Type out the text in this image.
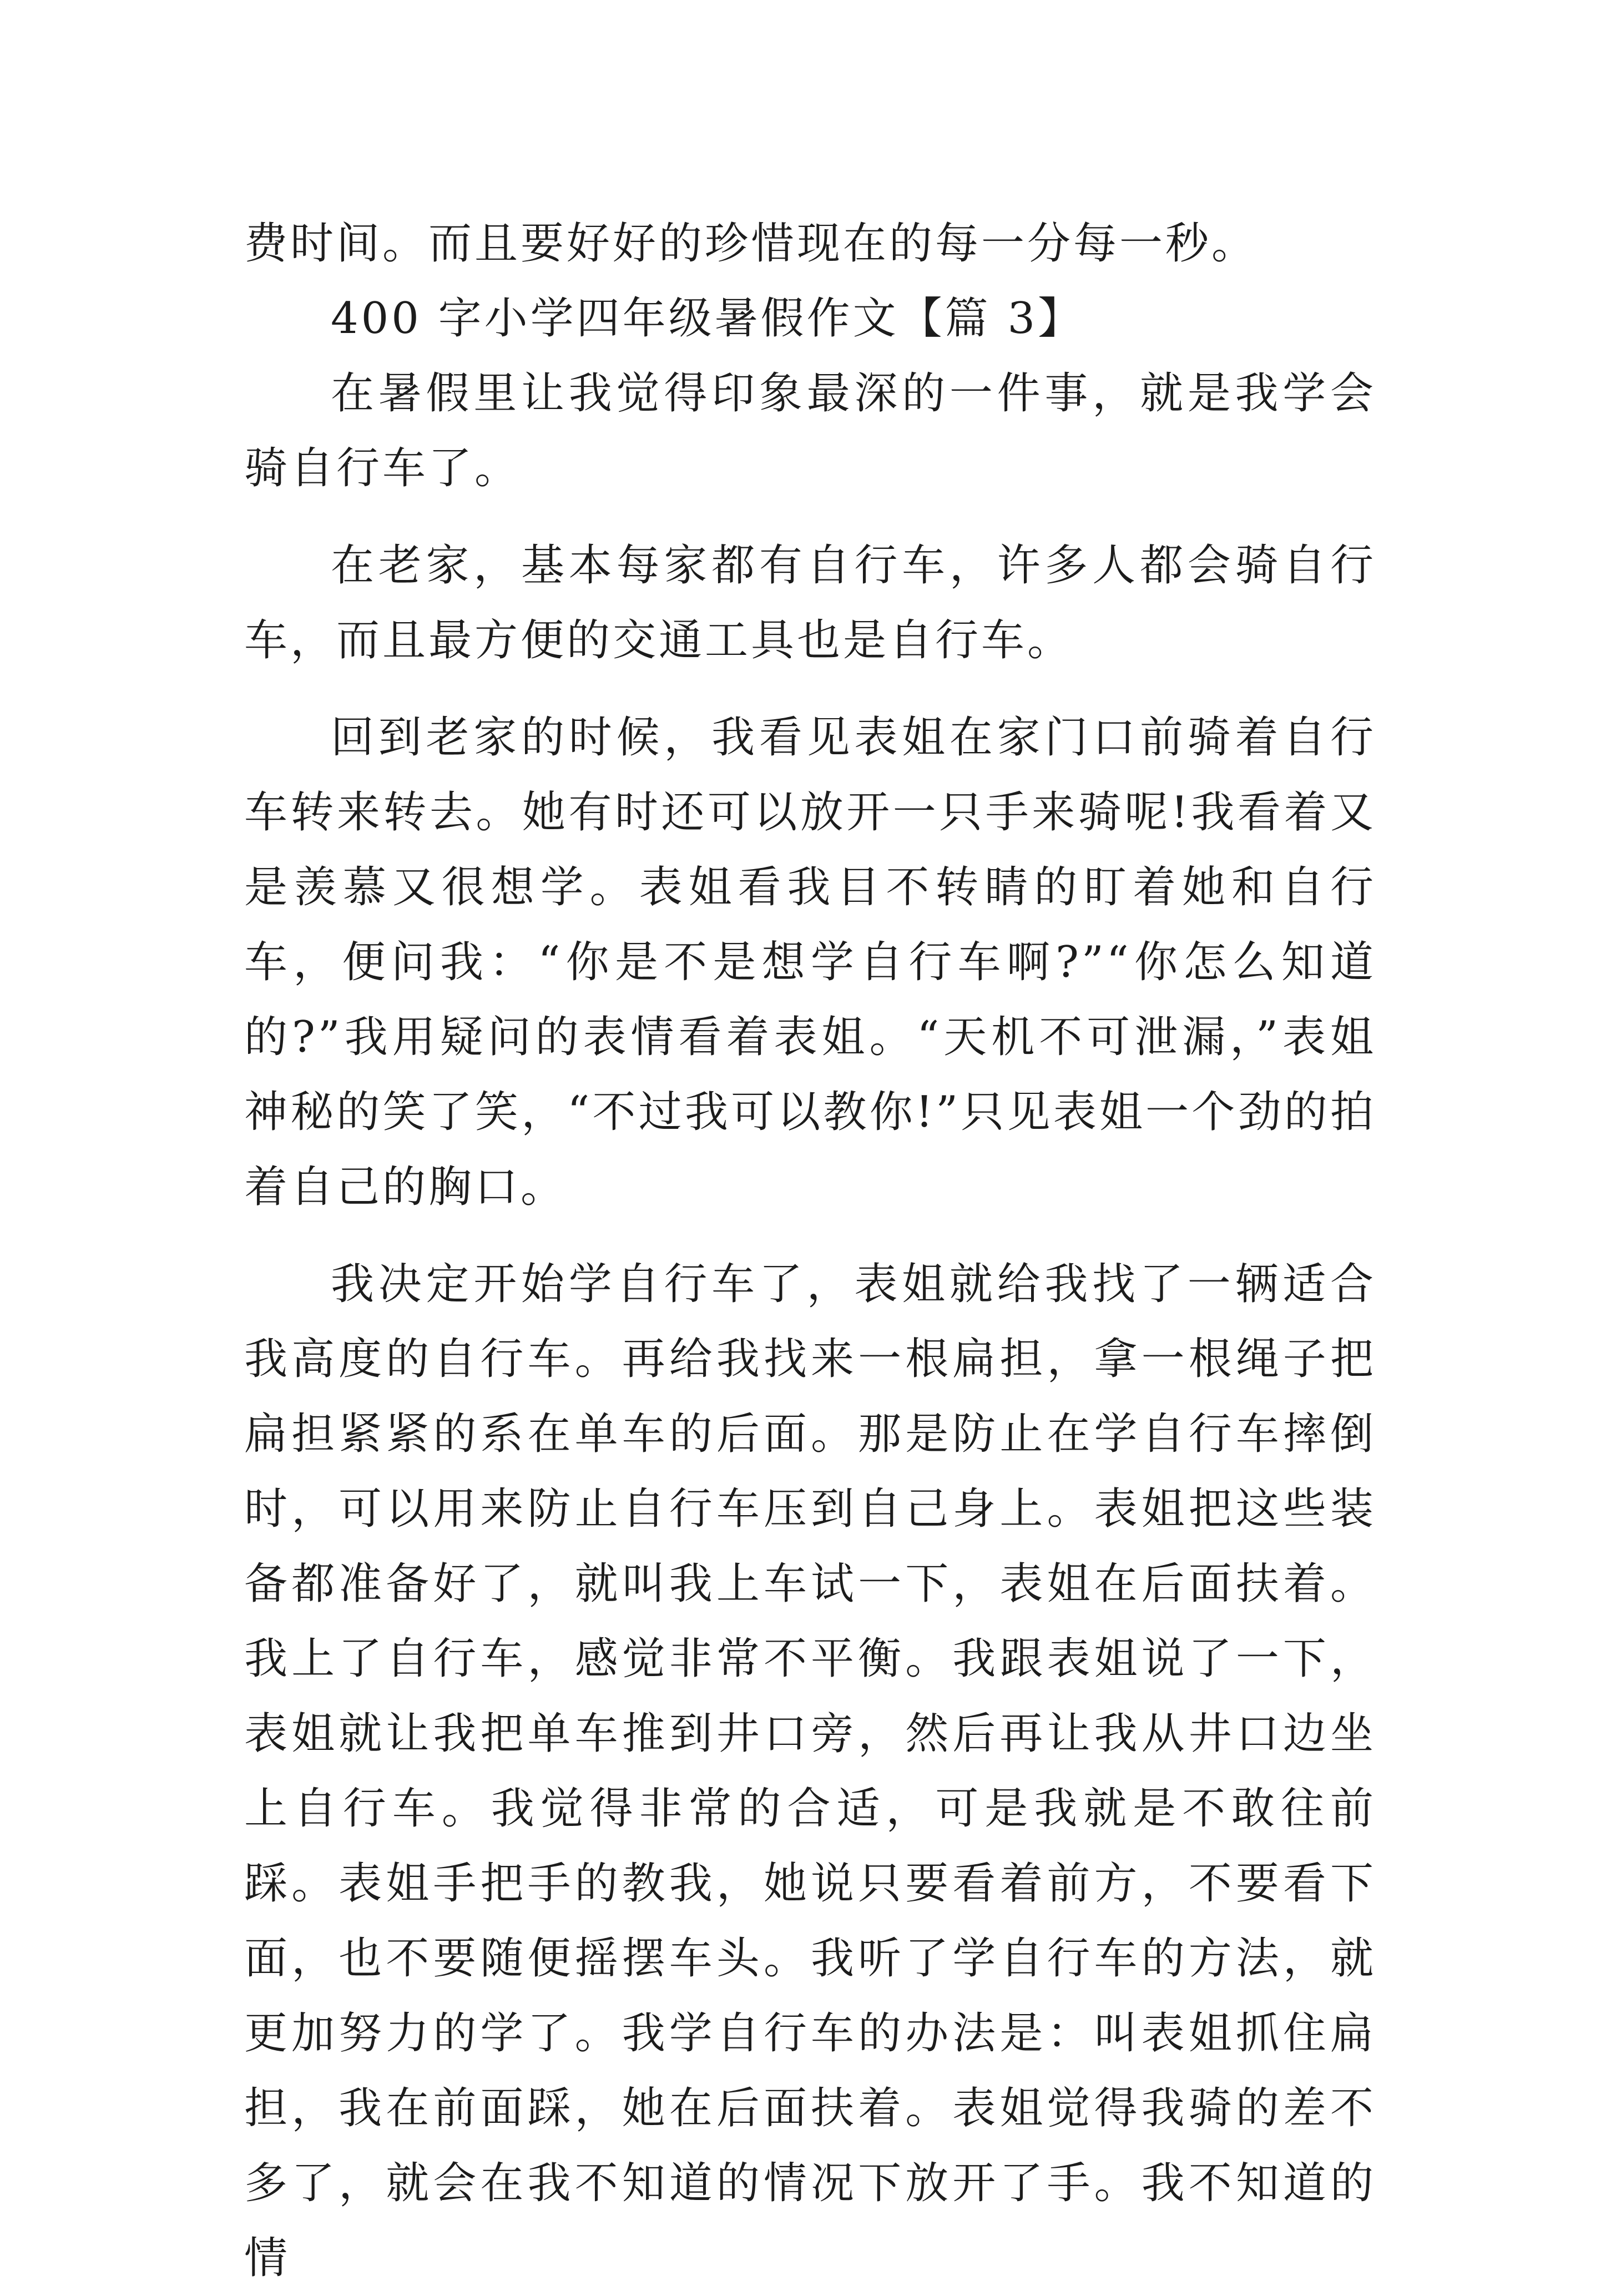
费时间。而且要好好的珍惜现在的每一分每一秒。

400 字小学四年级暑假作文【篇 3】

在暑假里让我觉得印象最深的一件事，就是我学会骑自行车了。

在老家，基本每家都有自行车，许多人都会骑自行车，而且最方便的交通工具也是自行车。

回到老家的时候，我看见表姐在家门口前骑着自行车转来转去。她有时还可以放开一只手来骑呢!我看着又是羡慕又很想学。表姐看我目不转睛的盯着她和自行车，便问我：“你是不是想学自行车啊?”“你怎么知道的?”我用疑问的表情看着表姐。“天机不可泄漏，”表姐神秘的笑了笑，“不过我可以教你!”只见表姐一个劲的拍着自己的胸口。

我决定开始学自行车了，表姐就给我找了一辆适合我高度的自行车。再给我找来一根扁担，拿一根绳子把扁担紧紧的系在单车的后面。那是防止在学自行车摔倒时，可以用来防止自行车压到自己身上。表姐把这些装备都准备好了，就叫我上车试一下，表姐在后面扶着。我上了自行车，感觉非常不平衡。我跟表姐说了一下，表姐就让我把单车推到井口旁，然后再让我从井口边坐上自行车。我觉得非常的合适，可是我就是不敢往前踩。表姐手把手的教我，她说只要看着前方，不要看下面，也不要随便摇摆车头。我听了学自行车的方法，就更加努力的学了。我学自行车的办法是：叫表姐抓住扁担，我在前面踩，她在后面扶着。表姐觉得我骑的差不多了，就会在我不知道的情况下放开了手。我不知道的情
